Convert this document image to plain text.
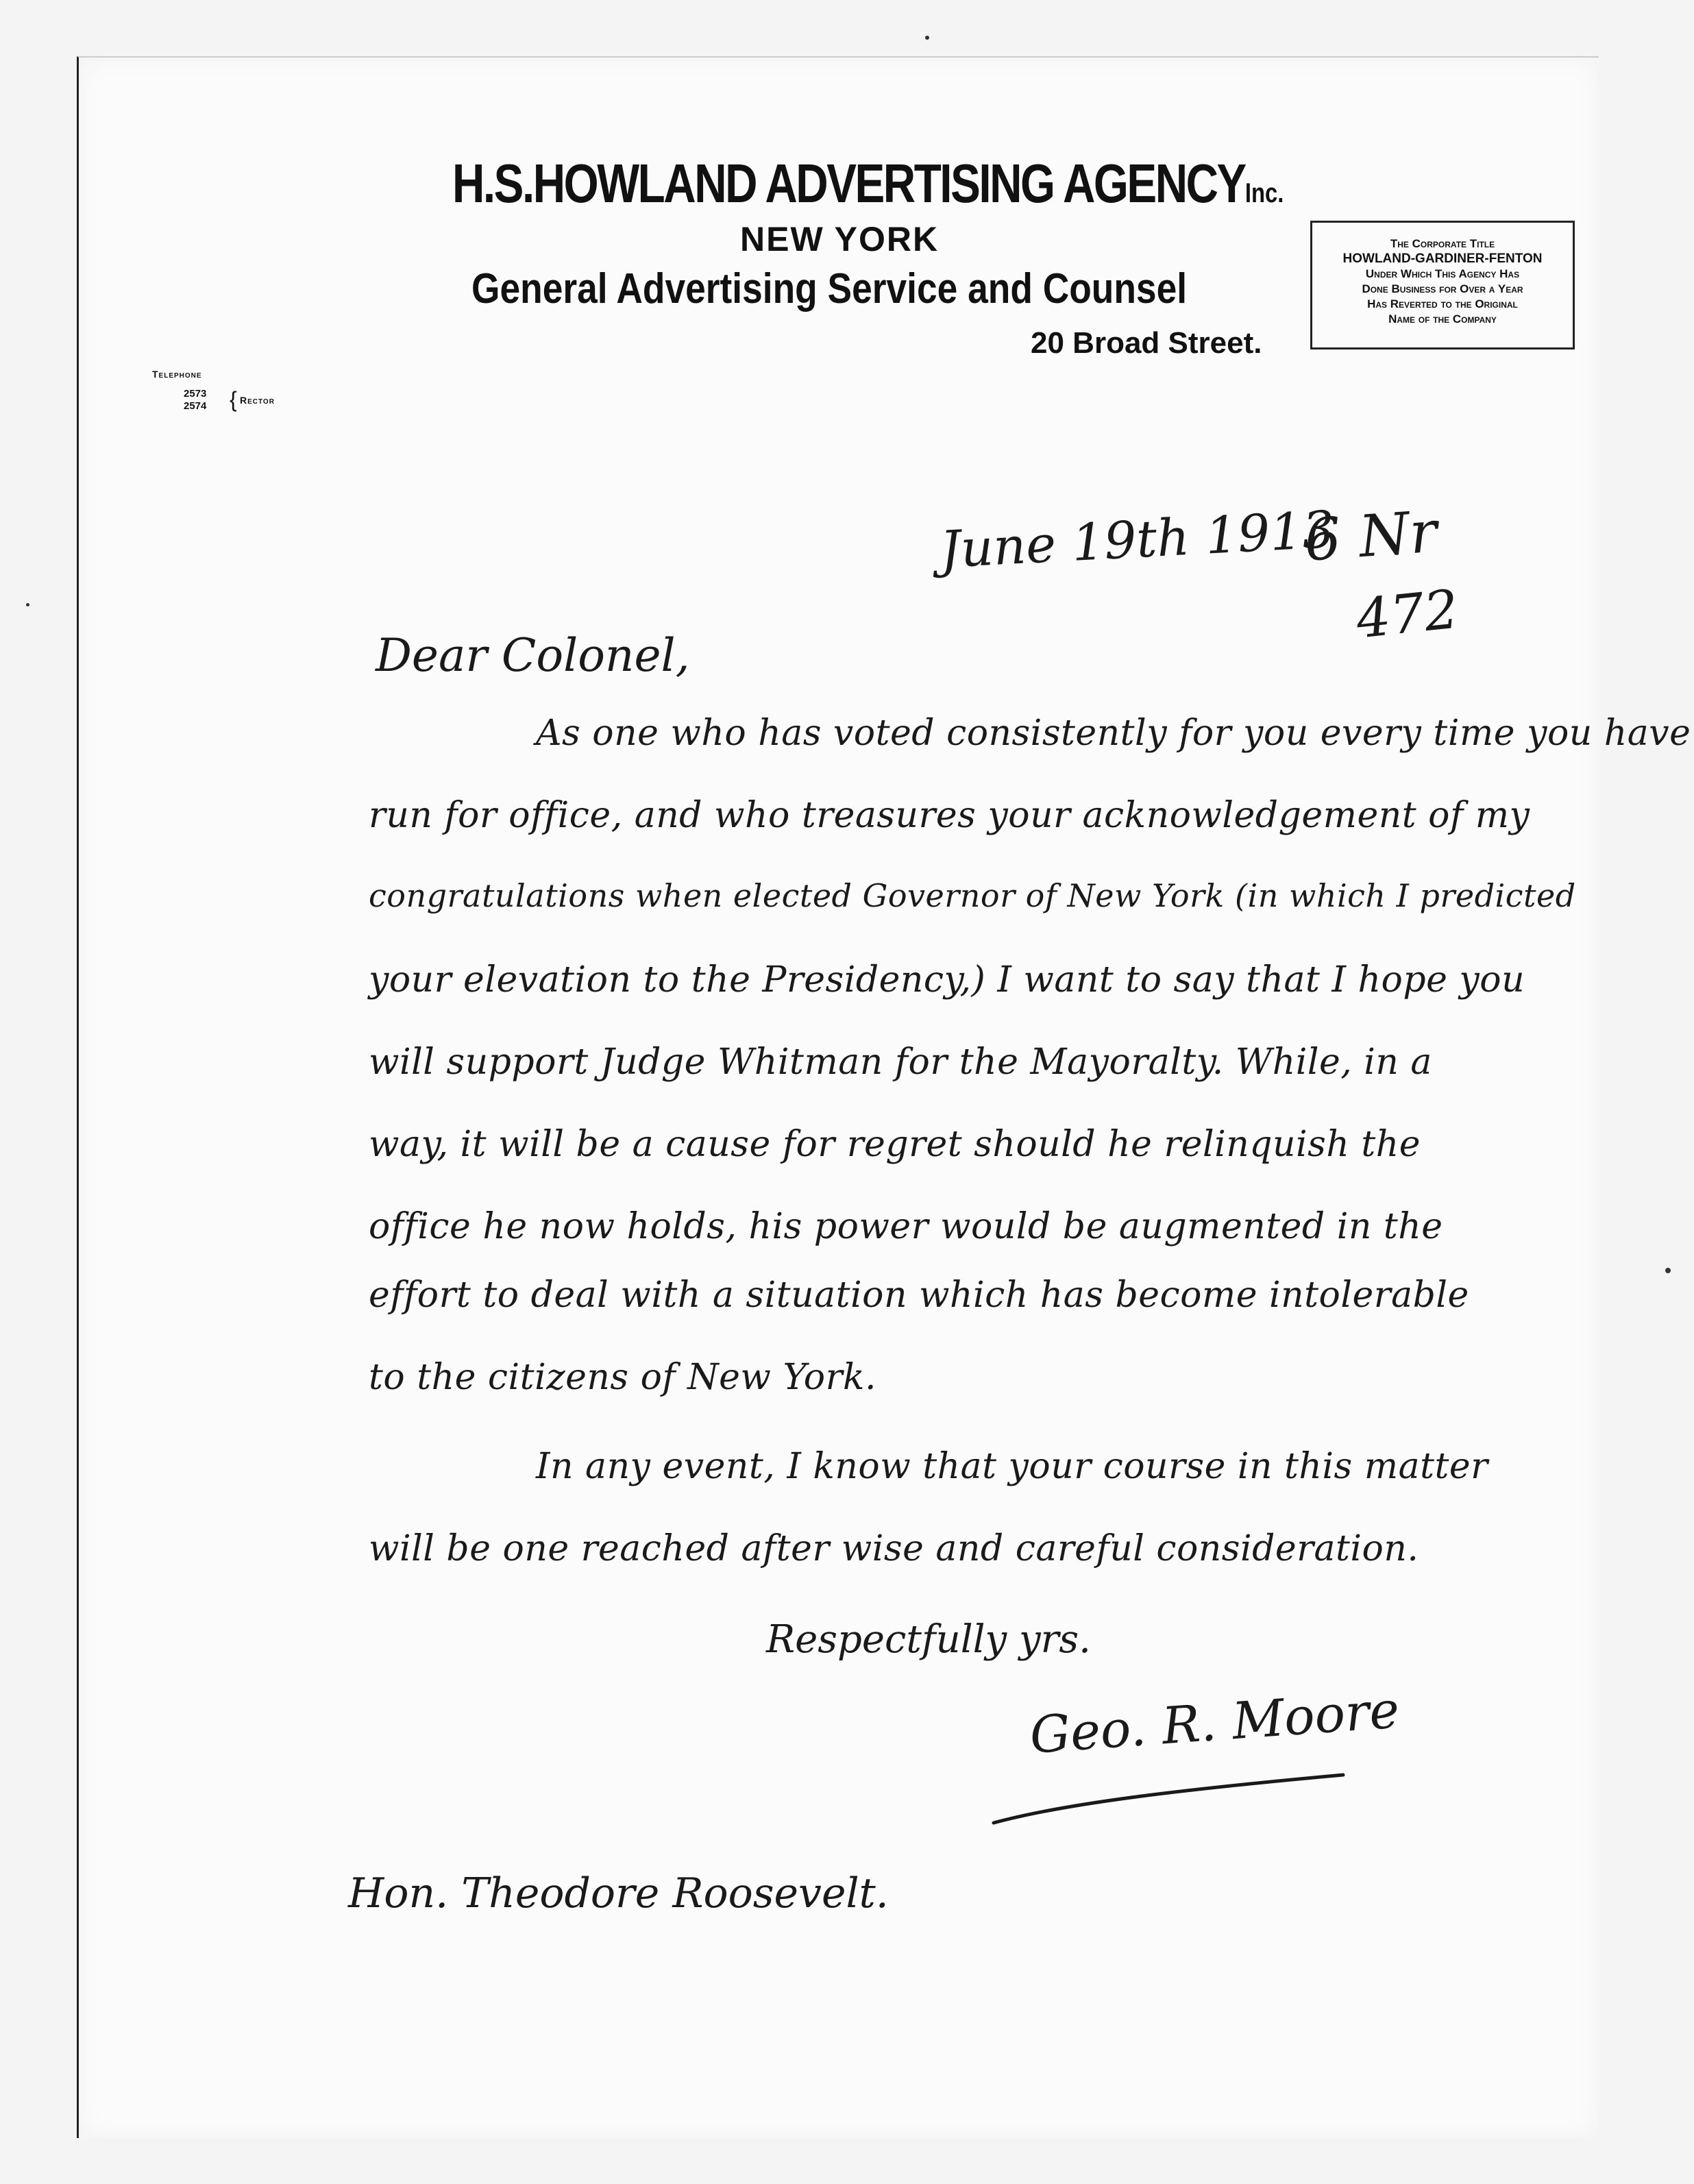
H.S.HOWLAND ADVERTISING AGENCYInc.
NEW YORK
General Advertising Service and Counsel
20 Broad Street.
The Corporate Title
HOWLAND-GARDINER-FENTON
Under Which This Agency Has
Done Business for Over a Year
Has Reverted to the Original
Name of the Company
Telephone
2573
2574 { Rector
June 19th 1913
6 Nr
472
Dear Colonel,
As one who has voted consistently for you every time you have
run for office, and who treasures your acknowledgement of my
congratulations when elected Governor of New York (in which I predicted
your elevation to the Presidency,) I want to say that I hope you
will support Judge Whitman for the Mayoralty. While, in a
way, it will be a cause for regret should he relinquish the
office he now holds, his power would be augmented in the
effort to deal with a situation which has become intolerable
to the citizens of New York.
In any event, I know that your course in this matter
will be one reached after wise and careful consideration.
Respectfully yrs.
Geo. R. Moore
Hon. Theodore Roosevelt.
